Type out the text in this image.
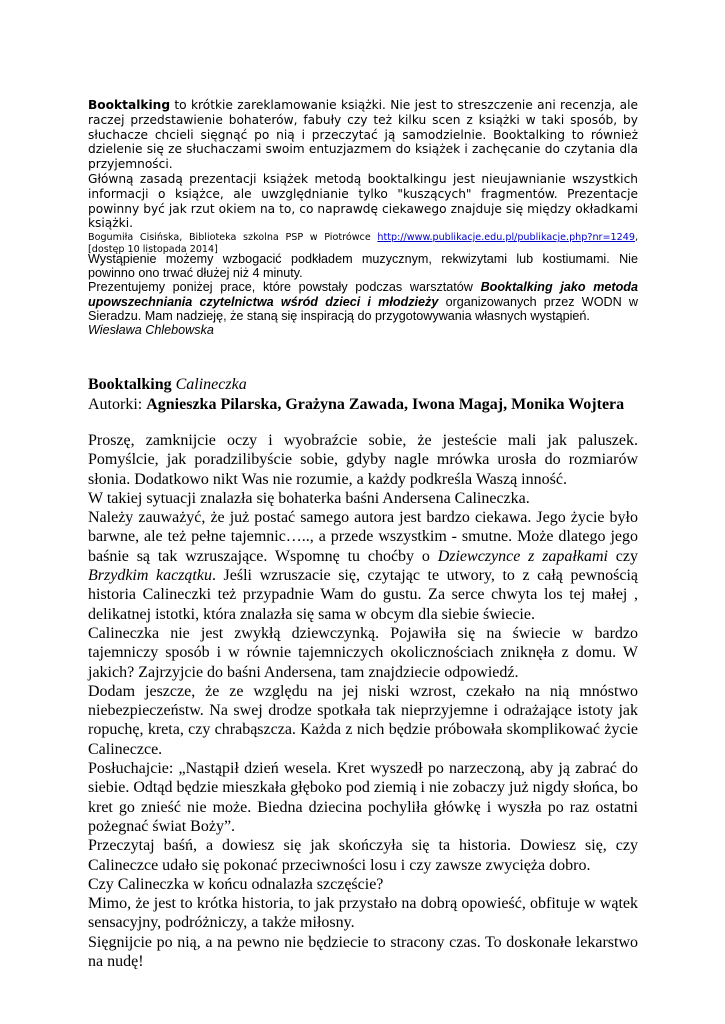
Booktalking to krótkie zareklamowanie książki. Nie jest to streszczenie ani recenzja, ale raczej przedstawienie bohaterów, fabuły czy też kilku scen z książki w taki sposób, by słuchacze chcieli sięgnąć po nią i przeczytać ją samodzielnie. Booktalking to również dzielenie się ze słuchaczami swoim entuzjazmem do książek i zachęcanie do czytania dla przyjemności.

Główną zasadą prezentacji książek metodą booktalkingu jest nieujawnianie wszystkich informacji o książce, ale uwzględnianie tylko "kuszących" fragmentów. Prezentacje powinny być jak rzut okiem na to, co naprawdę ciekawego znajduje się między okładkami książki.

Bogumiła Cisińska, Biblioteka szkolna PSP w Piotrówce http://www.publikacje.edu.pl/publikacje.php?nr=1249, [dostęp 10 listopada 2014]

Wystąpienie możemy wzbogacić podkładem muzycznym, rekwizytami lub kostiumami. Nie powinno ono trwać dłużej niż 4 minuty.

Prezentujemy poniżej prace, które powstały podczas warsztatów Booktalking jako metoda upowszechniania czytelnictwa wśród dzieci i młodzieży organizowanych przez WODN w Sieradzu. Mam nadzieję, że staną się inspiracją do przygotowywania własnych wystąpień.

Wiesława Chlebowska

Booktalking Calineczka

Autorki: Agnieszka Pilarska, Grażyna Zawada, Iwona Magaj, Monika Wojtera

Proszę, zamknijcie oczy i wyobraźcie sobie, że jesteście mali jak paluszek. Pomyślcie, jak poradzilibyście sobie, gdyby nagle mrówka urosła do rozmiarów słonia. Dodatkowo nikt Was nie rozumie, a każdy podkreśla Waszą inność.

W takiej sytuacji znalazła się bohaterka baśni Andersena Calineczka.

Należy zauważyć, że już postać samego autora jest bardzo ciekawa. Jego życie było barwne, ale też pełne tajemnic….., a przede wszystkim - smutne. Może dlatego jego baśnie są tak wzruszające. Wspomnę tu choćby o Dziewczynce z zapałkami czy Brzydkim kaczątku. Jeśli wzruszacie się, czytając te utwory, to z całą pewnością historia Calineczki też przypadnie Wam do gustu. Za serce chwyta los tej małej , delikatnej istotki, która znalazła się sama w obcym dla siebie świecie.

Calineczka nie jest zwykłą dziewczynką. Pojawiła się na świecie w bardzo tajemniczy sposób i w równie tajemniczych okolicznościach zniknęła z domu. W jakich? Zajrzyjcie do baśni Andersena, tam znajdziecie odpowiedź.

Dodam jeszcze, że ze względu na jej niski wzrost, czekało na nią mnóstwo niebezpieczeństw. Na swej drodze spotkała tak nieprzyjemne i odrażające istoty jak ropuchę, kreta, czy chrabąszcza. Każda z nich będzie próbowała skomplikować życie Calineczce.

Posłuchajcie: „Nastąpił dzień wesela. Kret wyszedł po narzeczoną, aby ją zabrać do siebie. Odtąd będzie mieszkała głęboko pod ziemią i nie zobaczy już nigdy słońca, bo kret go znieść nie może. Biedna dziecina pochyliła główkę i wyszła po raz ostatni pożegnać świat Boży”.

Przeczytaj baśń, a dowiesz się jak skończyła się ta historia. Dowiesz się, czy Calineczce udało się pokonać przeciwności losu i czy zawsze zwycięża dobro.

Czy Calineczka w końcu odnalazła szczęście?

Mimo, że jest to krótka historia, to jak przystało na dobrą opowieść, obfituje w wątek sensacyjny, podróżniczy, a także miłosny.

Sięgnijcie po nią, a na pewno nie będziecie to stracony czas. To doskonałe lekarstwo na nudę!
